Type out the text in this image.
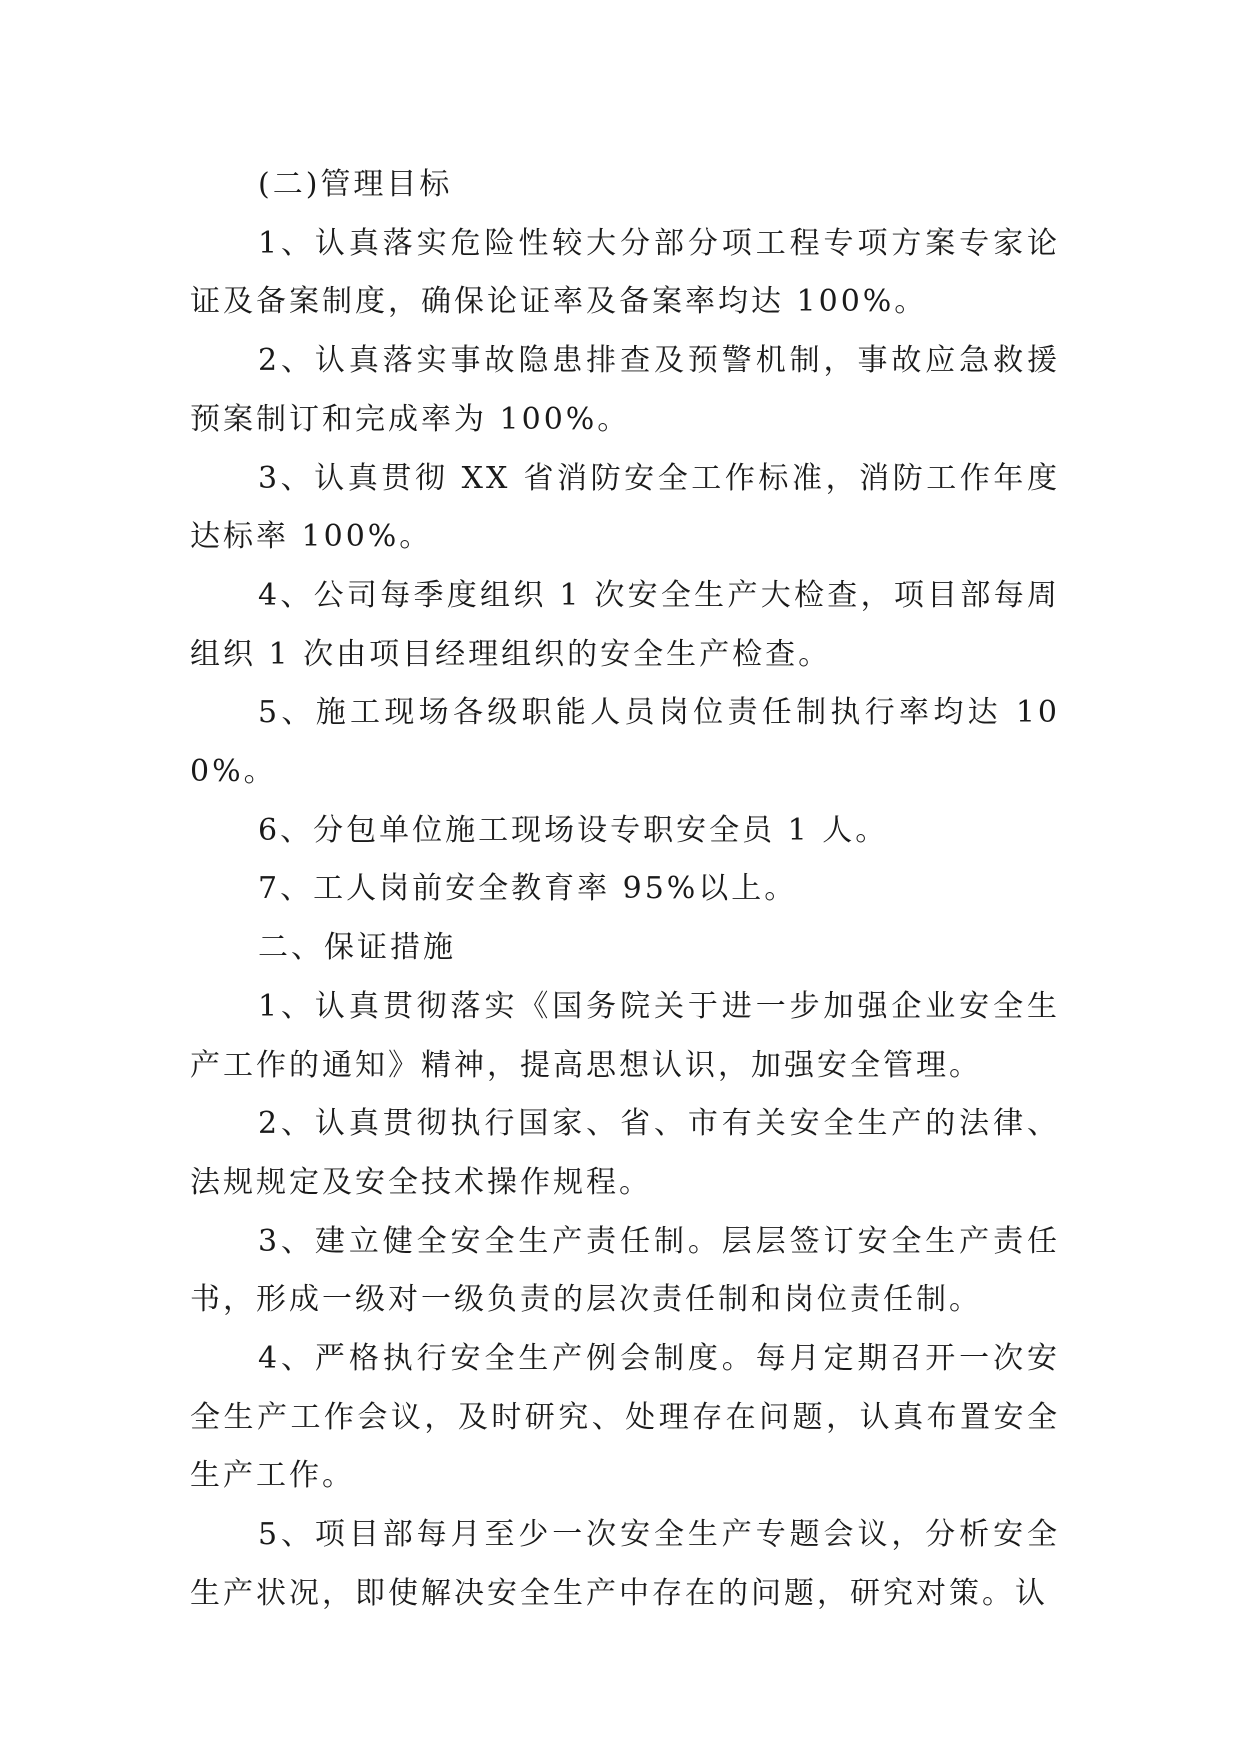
(二)管理目标

1、认真落实危险性较大分部分项工程专项方案专家论证及备案制度，确保论证率及备案率均达 100%。

2、认真落实事故隐患排查及预警机制，事故应急救援预案制订和完成率为 100%。

3、认真贯彻 XX 省消防安全工作标准，消防工作年度达标率 100%。

4、公司每季度组织 1 次安全生产大检查，项目部每周组织 1 次由项目经理组织的安全生产检查。

5、施工现场各级职能人员岗位责任制执行率均达 100%。

6、分包单位施工现场设专职安全员 1 人。

7、工人岗前安全教育率 95%以上。

二、保证措施

1、认真贯彻落实《国务院关于进一步加强企业安全生产工作的通知》精神，提高思想认识，加强安全管理。

2、认真贯彻执行国家、省、市有关安全生产的法律、法规规定及安全技术操作规程。

3、建立健全安全生产责任制。层层签订安全生产责任书，形成一级对一级负责的层次责任制和岗位责任制。

4、严格执行安全生产例会制度。每月定期召开一次安全生产工作会议，及时研究、处理存在问题，认真布置安全生产工作。

5、项目部每月至少一次安全生产专题会议，分析安全生产状况，即使解决安全生产中存在的问题，研究对策。认
